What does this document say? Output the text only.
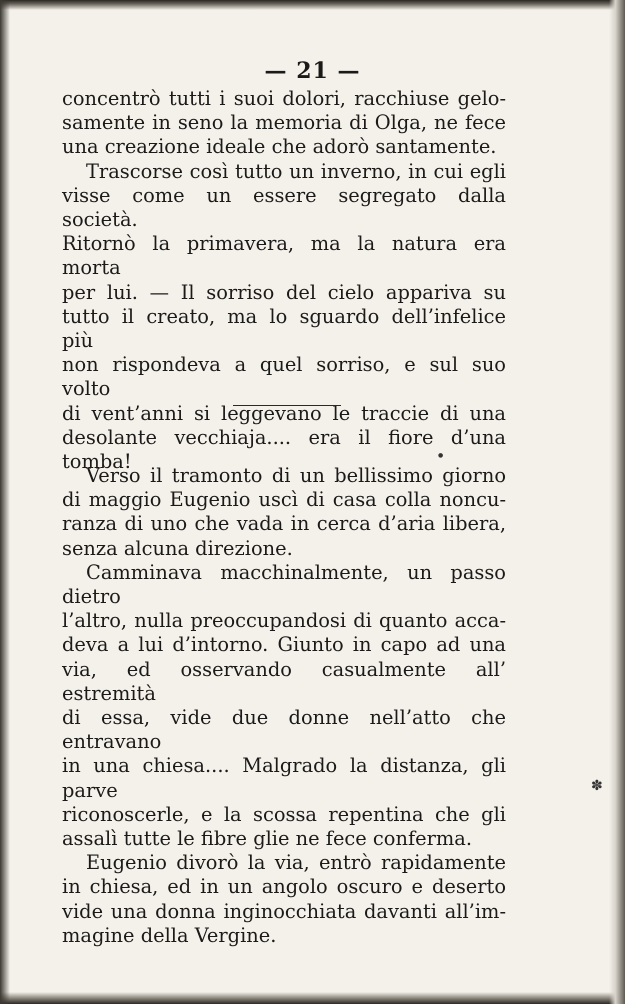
— 21 —

concentrò tutti i suoi dolori, racchiuse gelo-
samente in seno la memoria di Olga, ne fece

una creazione ideale che adorò santamente.

Trascorse così tutto un inverno, in cui egli

visse come un essere segregato dalla società.

Ritornò la primavera, ma la natura era morta

per lui. — Il sorriso del cielo appariva su

tutto il creato, ma lo sguardo dell’infelice più

non rispondeva a quel sorriso, e sul suo volto

di vent’anni si leggevano le traccie di una

desolante vecchiaja.... era il fiore d’una tomba!

Verso il tramonto di un bellissimo giorno

di maggio Eugenio uscì di casa colla noncu-

ranza di uno che vada in cerca d’aria libera,

senza alcuna direzione.

Camminava macchinalmente, un passo dietro

l’altro, nulla preoccupandosi di quanto acca-

deva a lui d’intorno. Giunto in capo ad una

via, ed osservando casualmente all’ estremità

di essa, vide due donne nell’atto che entravano

in una chiesa.... Malgrado la distanza, gli parve

riconoscerle, e la scossa repentina che gli

assalì tutte le fibre glie ne fece conferma.

Eugenio divorò la via, entrò rapidamente

in chiesa, ed in un angolo oscuro e deserto

vide una donna inginocchiata davanti all’im-

magine della Vergine.

✽
●
